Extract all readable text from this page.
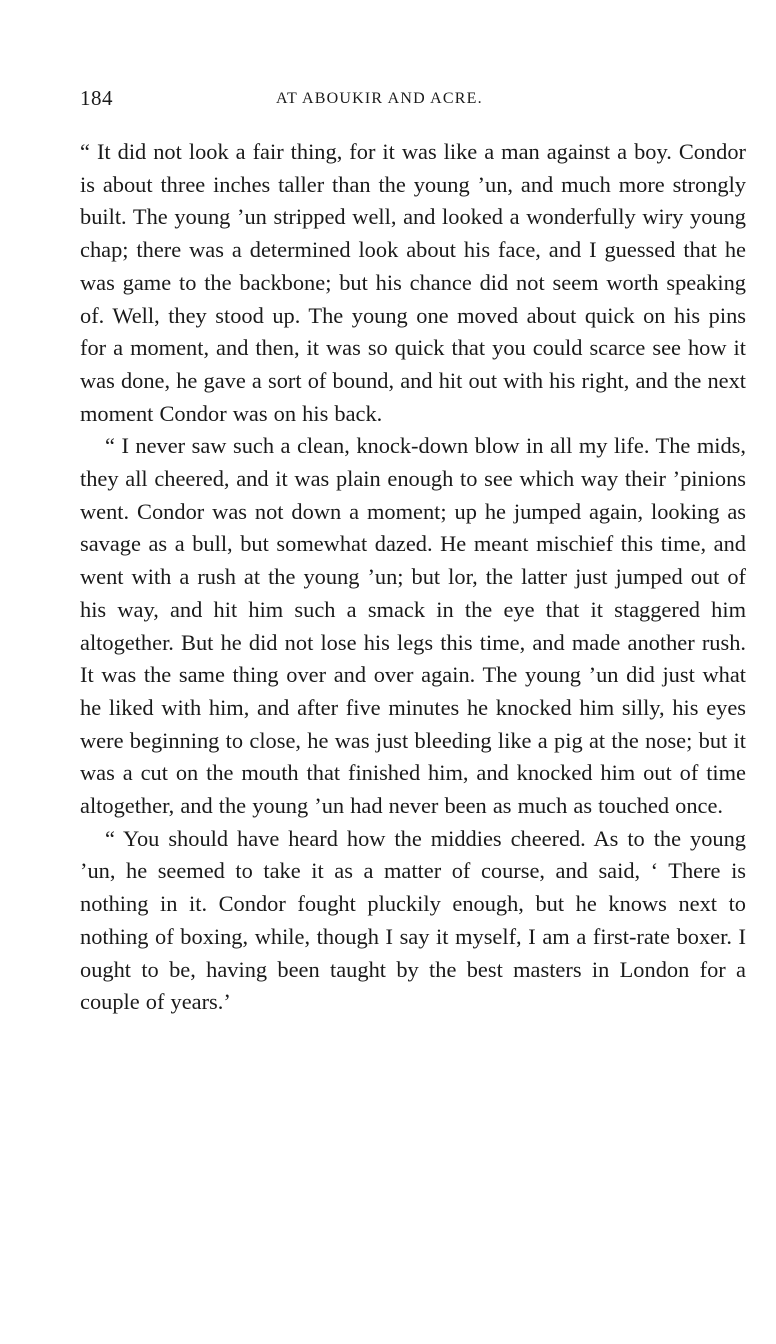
184	AT ABOUKIR AND ACRE.

“ It did not look a fair thing, for it was like a man against a boy. Condor is about three inches taller than the young ’un, and much more strongly built. The young ’un stripped well, and looked a wonderfully wiry young chap; there was a determined look about his face, and I guessed that he was game to the backbone; but his chance did not seem worth speaking of. Well, they stood up. The young one moved about quick on his pins for a moment, and then, it was so quick that you could scarce see how it was done, he gave a sort of bound, and hit out with his right, and the next moment Condor was on his back.

“ I never saw such a clean, knock-down blow in all my life. The mids, they all cheered, and it was plain enough to see which way their ’pinions went. Condor was not down a moment; up he jumped again, looking as savage as a bull, but somewhat dazed. He meant mischief this time, and went with a rush at the young ’un; but lor, the latter just jumped out of his way, and hit him such a smack in the eye that it staggered him altogether. But he did not lose his legs this time, and made another rush. It was the same thing over and over again. The young ’un did just what he liked with him, and after five minutes he knocked him silly, his eyes were beginning to close, he was just bleeding like a pig at the nose; but it was a cut on the mouth that finished him, and knocked him out of time altogether, and the young ’un had never been as much as touched once.

“ You should have heard how the middies cheered. As to the young ’un, he seemed to take it as a matter of course, and said, ‘ There is nothing in it. Condor fought pluckily enough, but he knows next to nothing of boxing, while, though I say it myself, I am a first-rate boxer. I ought to be, having been taught by the best masters in London for a couple of years.’
